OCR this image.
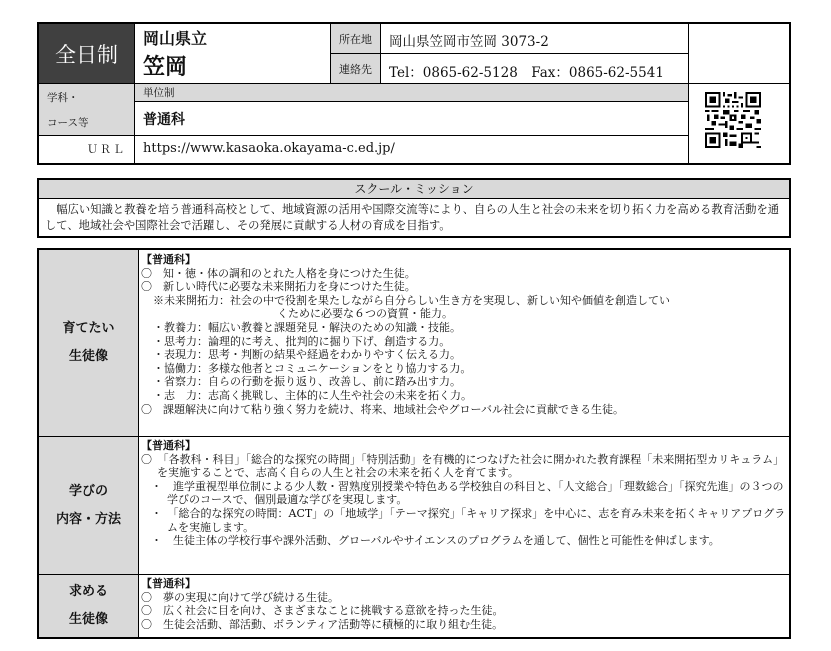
全日制
岡山県立
笠岡
所在地
連絡先
岡山県笠岡市笠岡 3073-2
Tel：0865-62-5128　Fax：0865-62-5541
学科・
コース等
単位制
普通科
ＵＲＬ https://www.kasaoka.okayama-c.ed.jp/
スクール・ミッション
　幅広い知識と教養を培う普通科高校として、地域資源の活用や国際交流等により、自らの人生と社会の未来を切り拓く力を高める教育活動を通して、地域社会や国際社会で活躍し、その発展に貢献する人材の育成を目指す。
育てたい
生徒像
【普通科】
〇　知・徳・体の調和のとれた人格を身につけた生徒。
〇　新しい時代に必要な未来開拓力を身につけた生徒。
※未来開拓力：社会の中で役割を果たしながら自分らしい生き方を実現し、新しい知や価値を創造してい
くために必要な６つの資質・能力。
・教養力：幅広い教養と課題発見・解決のための知識・技能。
・思考力：論理的に考え、批判的に掘り下げ、創造する力。
・表現力：思考・判断の結果や経過をわかりやすく伝える力。
・協働力：多様な他者とコミュニケーションをとり協力する力。
・省察力：自らの行動を振り返り、改善し、前に踏み出す力。
・志　力：志高く挑戦し、主体的に人生や社会の未来を拓く力。
〇　課題解決に向けて粘り強く努力を続け、将来、地域社会やグローバル社会に貢献できる生徒。
学びの
内容・方法
【普通科】
〇　「各教科・科目」「総合的な探究の時間」「特別活動」を有機的につなげた社会に開かれた教育課程「未来開拓型カリキュラム」を実施することで、志高く自らの人生と社会の未来を拓く人を育てます。
・　進学重視型単位制による少人数・習熟度別授業や特色ある学校独自の科目と、「人文総合」「理数総合」「探究先進」の３つの学びのコースで、個別最適な学びを実現します。
・　「総合的な探究の時間：ACT」の「地域学」「テーマ探究」「キャリア探求」を中心に、志を育み未来を拓くキャリアプログラムを実施します。
・　生徒主体の学校行事や課外活動、グローバルやサイエンスのプログラムを通して、個性と可能性を伸ばします。
求める
生徒像
【普通科】
〇　夢の実現に向けて学び続ける生徒。
〇　広く社会に目を向け、さまざまなことに挑戦する意欲を持った生徒。
〇　生徒会活動、部活動、ボランティア活動等に積極的に取り組む生徒。
